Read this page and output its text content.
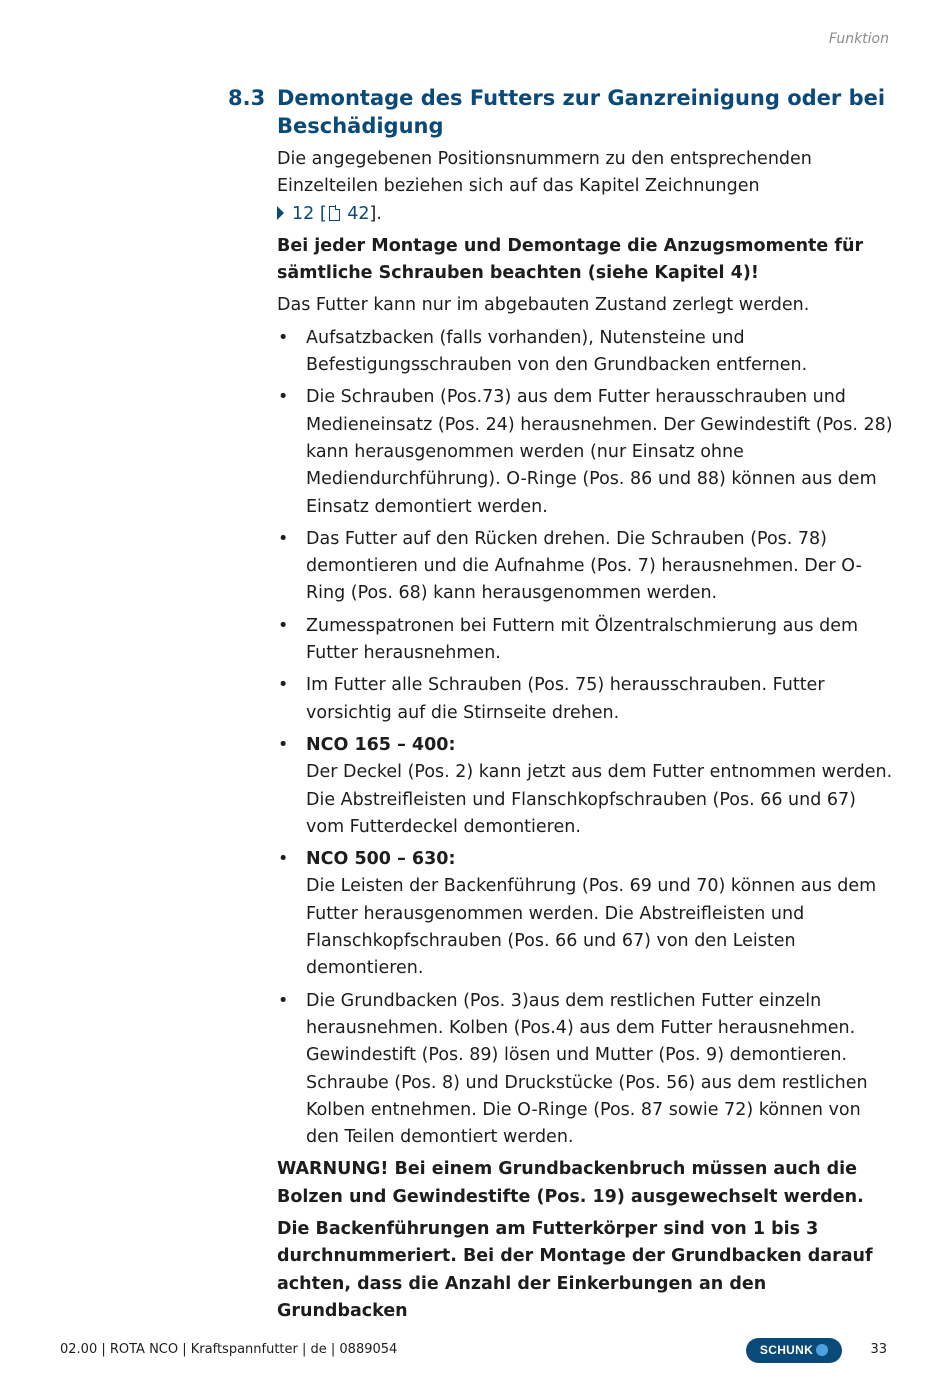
Funktion
8.3 Demontage des Futters zur Ganzreinigung oder bei Beschädigung

Die angegebenen Positionsnummern zu den entsprechenden Einzelteilen beziehen sich auf das Kapitel Zeichnungen
12 [ 42].

Bei jeder Montage und Demontage die Anzugsmomente für sämtliche Schrauben beachten (siehe Kapitel 4)!

Das Futter kann nur im abgebauten Zustand zerlegt werden.

• Aufsatzbacken (falls vorhanden), Nutensteine und Befestigungsschrauben von den Grundbacken entfernen.
• Die Schrauben (Pos.73) aus dem Futter herausschrauben und Medieneinsatz (Pos. 24) herausnehmen. Der Gewindestift (Pos. 28) kann herausgenommen werden (nur Einsatz ohne Mediendurchführung). O-Ringe (Pos. 86 und 88) können aus dem Einsatz demontiert werden.
• Das Futter auf den Rücken drehen. Die Schrauben (Pos. 78) demontieren und die Aufnahme (Pos. 7) herausnehmen. Der O-Ring (Pos. 68) kann herausgenommen werden.
• Zumesspatronen bei Futtern mit Ölzentralschmierung aus dem Futter herausnehmen.
• Im Futter alle Schrauben (Pos. 75) herausschrauben. Futter vorsichtig auf die Stirnseite drehen.
• NCO 165 – 400:
Der Deckel (Pos. 2) kann jetzt aus dem Futter entnommen werden. Die Abstreifleisten und Flanschkopfschrauben (Pos. 66 und 67) vom Futterdeckel demontieren.
• NCO 500 – 630:
Die Leisten der Backenführung (Pos. 69 und 70) können aus dem Futter herausgenommen werden. Die Abstreifleisten und Flanschkopfschrauben (Pos. 66 und 67) von den Leisten demontieren.
• Die Grundbacken (Pos. 3)aus dem restlichen Futter einzeln herausnehmen. Kolben (Pos.4) aus dem Futter herausnehmen. Gewindestift (Pos. 89) lösen und Mutter (Pos. 9) demontieren. Schraube (Pos. 8) und Druckstücke (Pos. 56) aus dem restlichen Kolben entnehmen. Die O-Ringe (Pos. 87 sowie 72) können von den Teilen demontiert werden.

WARNUNG! Bei einem Grundbackenbruch müssen auch die Bolzen und Gewindestifte (Pos. 19) ausgewechselt werden.

Die Backenführungen am Futterkörper sind von 1 bis 3 durchnummeriert. Bei der Montage der Grundbacken darauf achten, dass die Anzahl der Einkerbungen an den Grundbacken

02.00 | ROTA NCO | Kraftspannfutter | de | 0889054	SCHUNK	33
